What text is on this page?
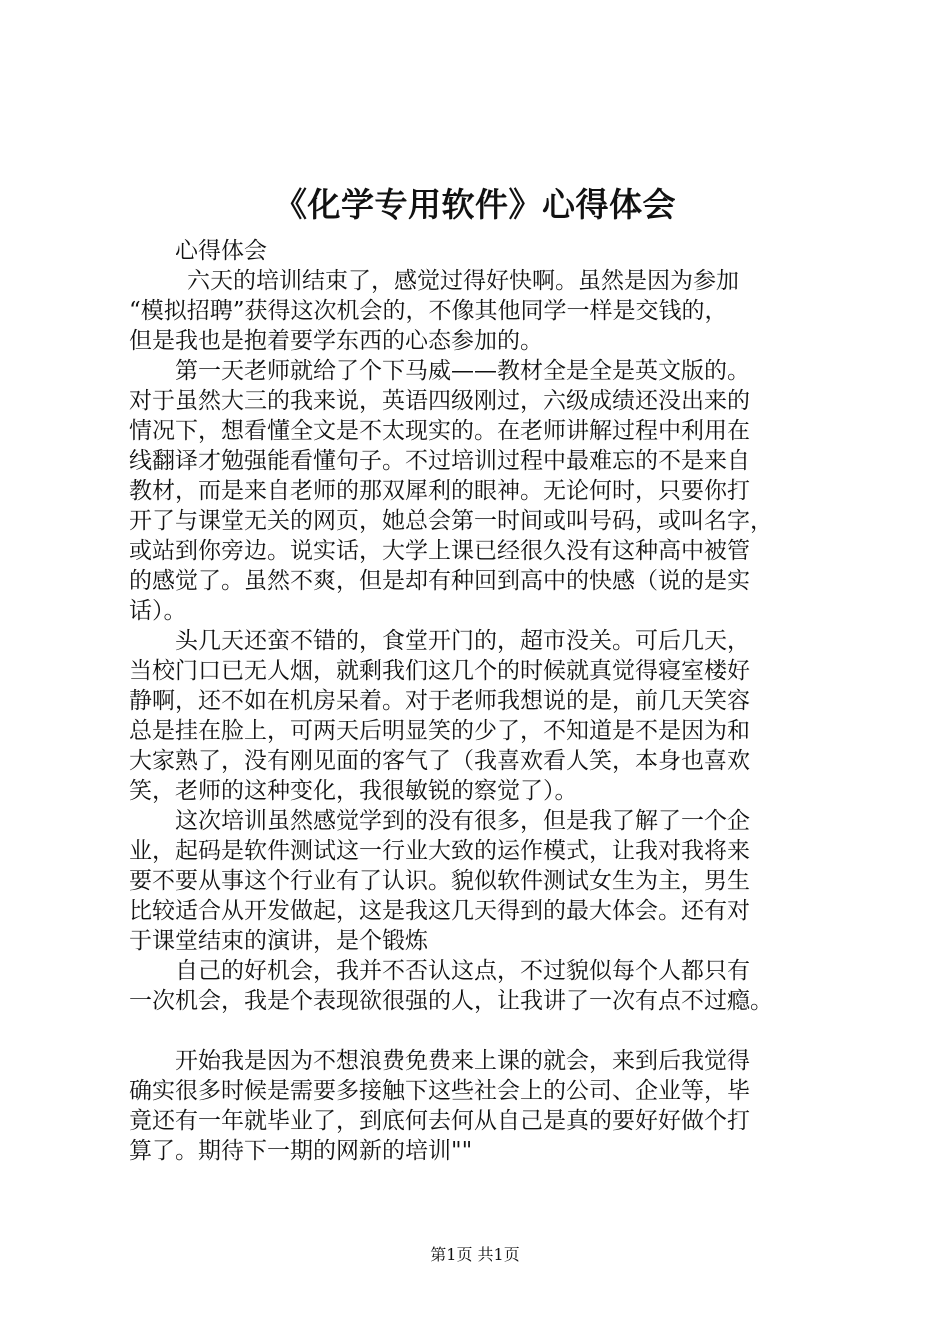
《化学专用软件》心得体会
心得体会
六天的培训结束了，感觉过得好快啊。虽然是因为参加
“模拟招聘”获得这次机会的，不像其他同学一样是交钱的，
但是我也是抱着要学东西的心态参加的。
第一天老师就给了个下马威——教材全是全是英文版的。
对于虽然大三的我来说，英语四级刚过，六级成绩还没出来的
情况下，想看懂全文是不太现实的。在老师讲解过程中利用在
线翻译才勉强能看懂句子。不过培训过程中最难忘的不是来自
教材，而是来自老师的那双犀利的眼神。无论何时，只要你打
开了与课堂无关的网页，她总会第一时间或叫号码，或叫名字，
或站到你旁边。说实话，大学上课已经很久没有这种高中被管
的感觉了。虽然不爽，但是却有种回到高中的快感（说的是实
话）。
头几天还蛮不错的，食堂开门的，超市没关。可后几天，
当校门口已无人烟，就剩我们这几个的时候就真觉得寝室楼好
静啊，还不如在机房呆着。对于老师我想说的是，前几天笑容
总是挂在脸上，可两天后明显笑的少了，不知道是不是因为和
大家熟了，没有刚见面的客气了（我喜欢看人笑，本身也喜欢
笑，老师的这种变化，我很敏锐的察觉了）。
这次培训虽然感觉学到的没有很多，但是我了解了一个企
业，起码是软件测试这一行业大致的运作模式，让我对我将来
要不要从事这个行业有了认识。貌似软件测试女生为主，男生
比较适合从开发做起，这是我这几天得到的最大体会。还有对
于课堂结束的演讲，是个锻炼
自己的好机会，我并不否认这点，不过貌似每个人都只有
一次机会，我是个表现欲很强的人，让我讲了一次有点不过瘾。
开始我是因为不想浪费免费来上课的就会，来到后我觉得
确实很多时候是需要多接触下这些社会上的公司、企业等，毕
竟还有一年就毕业了，到底何去何从自己是真的要好好做个打
算了。期待下一期的网新的培训""
第1页 共1页
